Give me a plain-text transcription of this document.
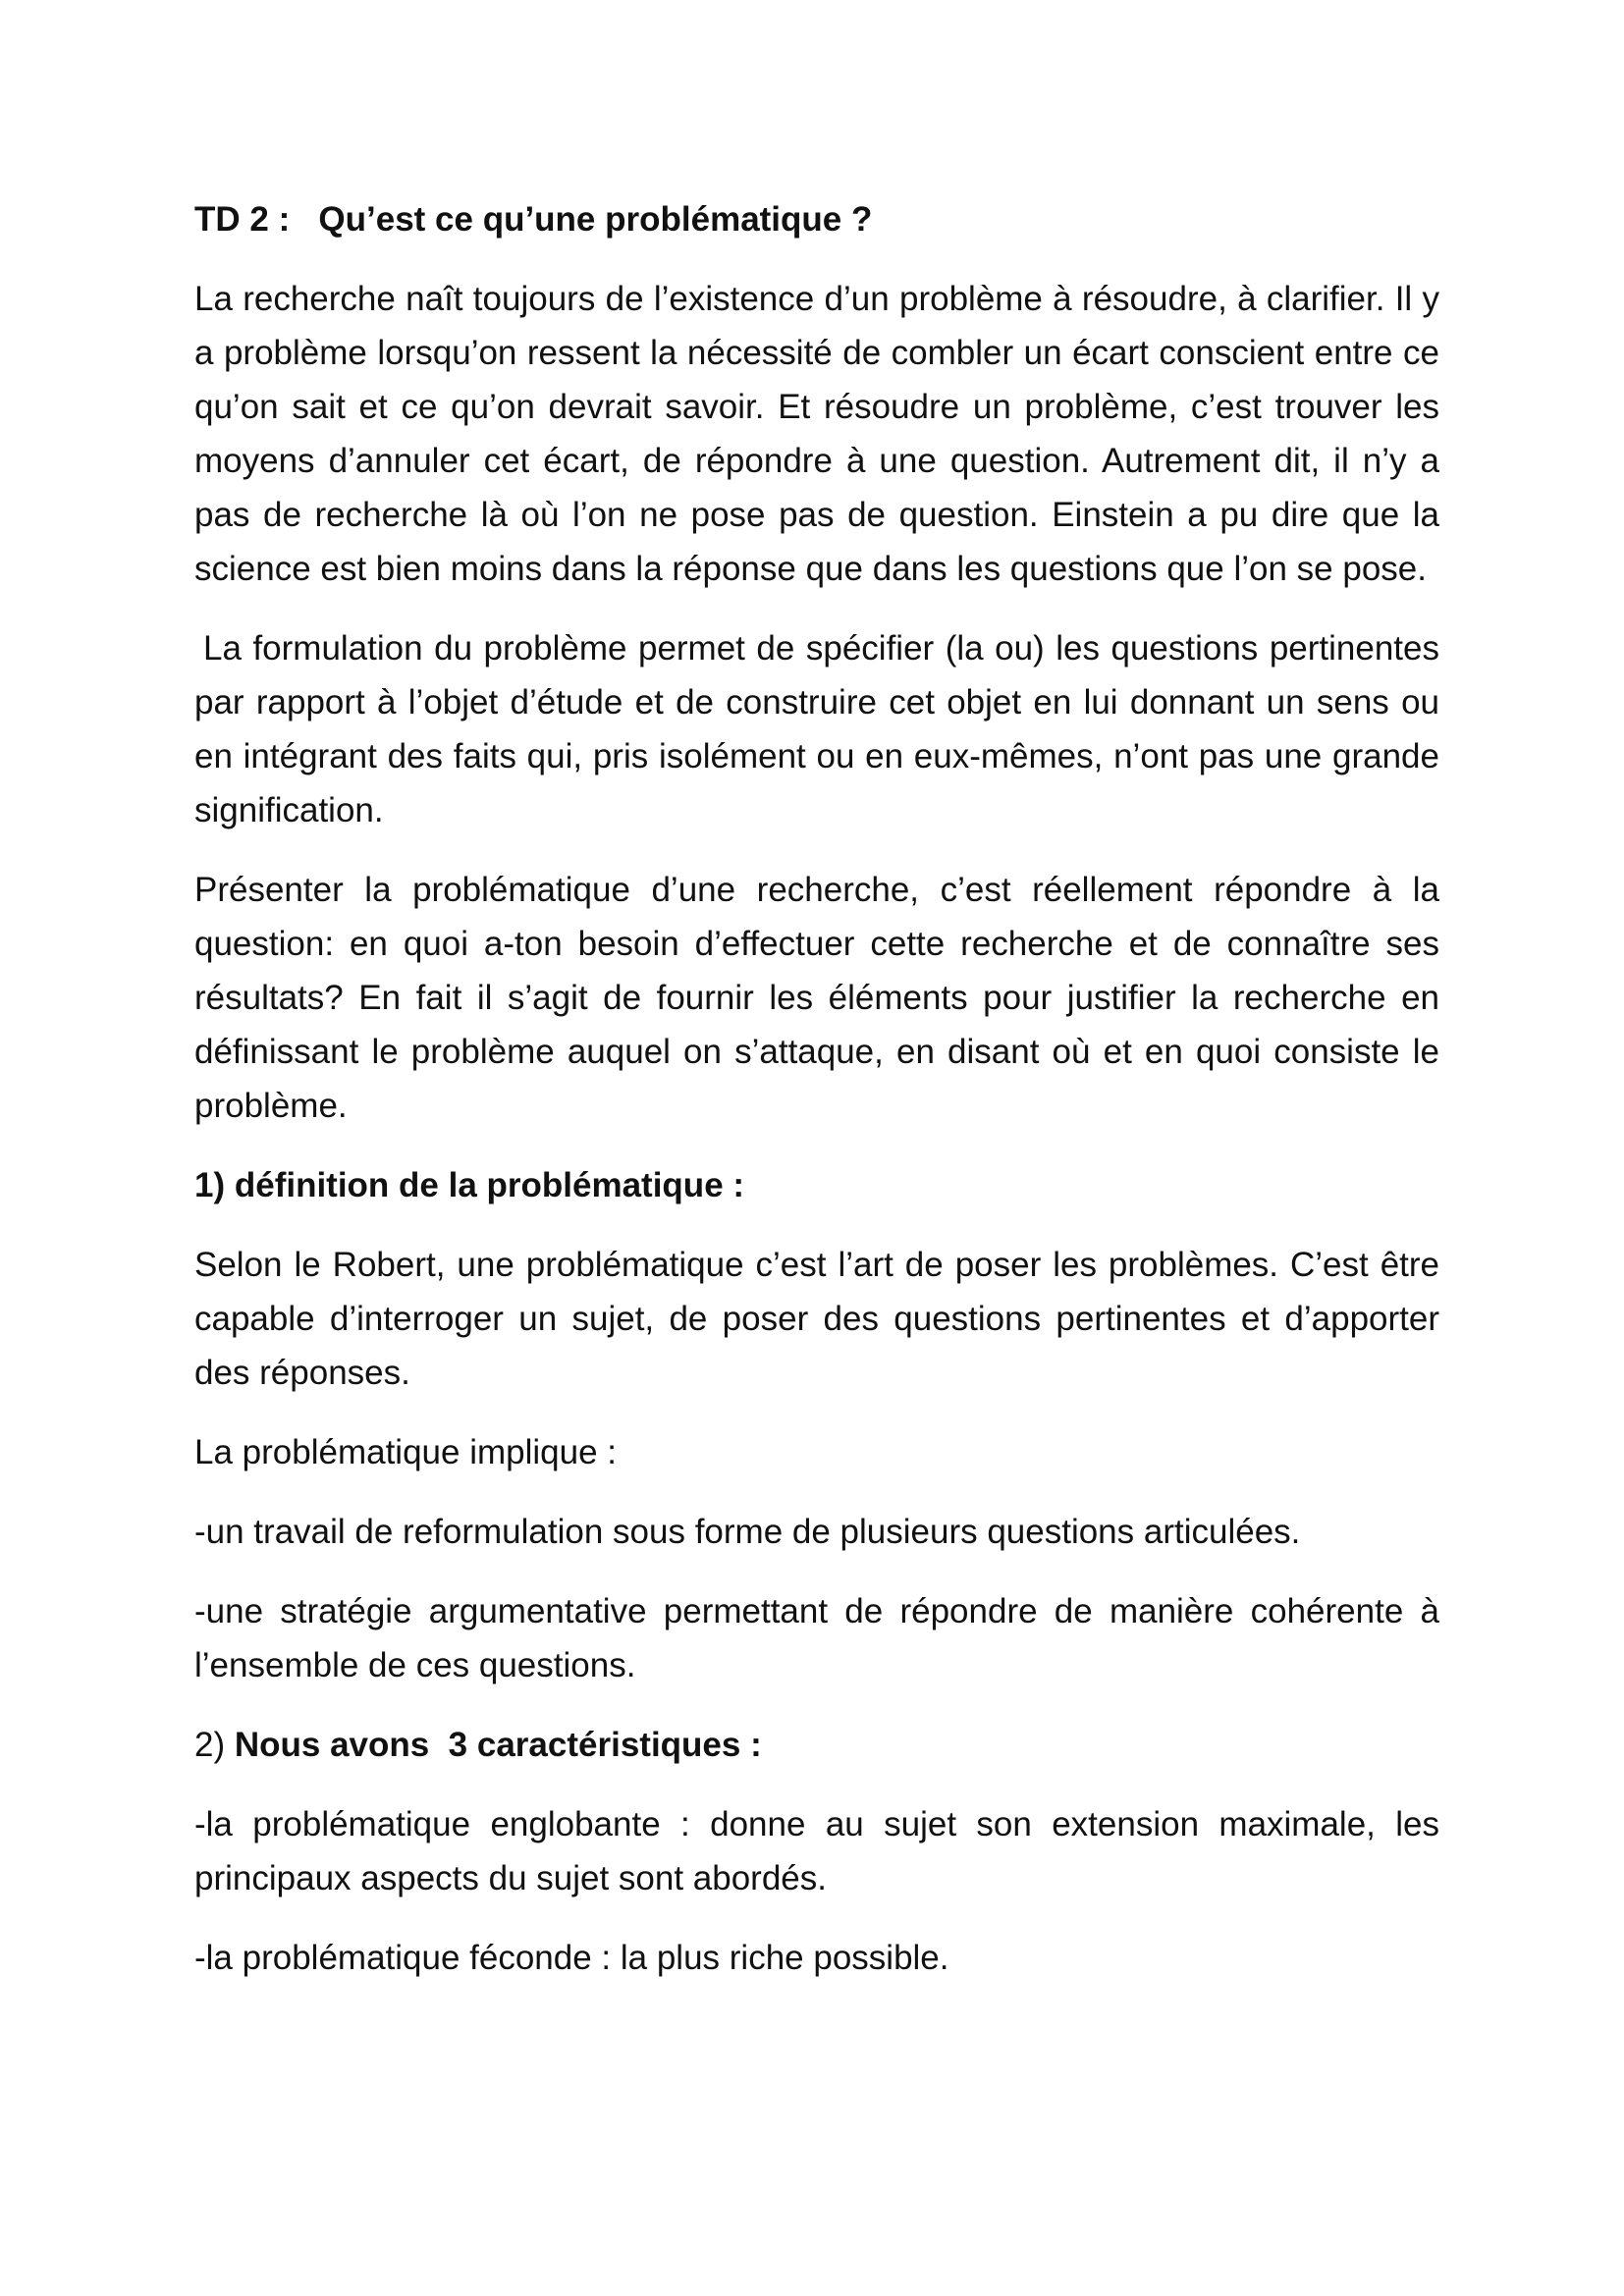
TD 2 :   Qu’est ce qu’une problématique ?

La recherche naît toujours de l’existence d’un problème à résoudre, à clarifier. Il y a problème lorsqu’on ressent la nécessité de combler un écart conscient entre ce qu’on sait et ce qu’on devrait savoir. Et résoudre un problème, c’est trouver les moyens d’annuler cet écart, de répondre à une question. Autrement dit, il n’y a pas de recherche là où l’on ne pose pas de question. Einstein a pu dire que la science est bien moins dans la réponse que dans les questions que l’on se pose.

La formulation du problème permet de spécifier (la ou) les questions pertinentes par rapport à l’objet d’étude et de construire cet objet en lui donnant un sens ou en intégrant des faits qui, pris isolément ou en eux-mêmes, n’ont pas une grande signification.

Présenter la problématique d’une recherche, c’est réellement répondre à la question: en quoi a-ton besoin d’effectuer cette recherche et de connaître ses résultats? En fait il s’agit de fournir les éléments pour justifier la recherche en définissant le problème auquel on s’attaque, en disant où et en quoi consiste le problème.

1) définition de la problématique :

Selon le Robert, une problématique c’est l’art de poser les problèmes. C’est être capable d’interroger un sujet, de poser des questions pertinentes et d’apporter des réponses.

La problématique implique :

-un travail de reformulation sous forme de plusieurs questions articulées.

-une stratégie argumentative permettant de répondre de manière cohérente à l’ensemble de ces questions.

2) Nous avons  3 caractéristiques :

-la problématique englobante : donne au sujet son extension maximale, les principaux aspects du sujet sont abordés.

-la problématique féconde : la plus riche possible.
